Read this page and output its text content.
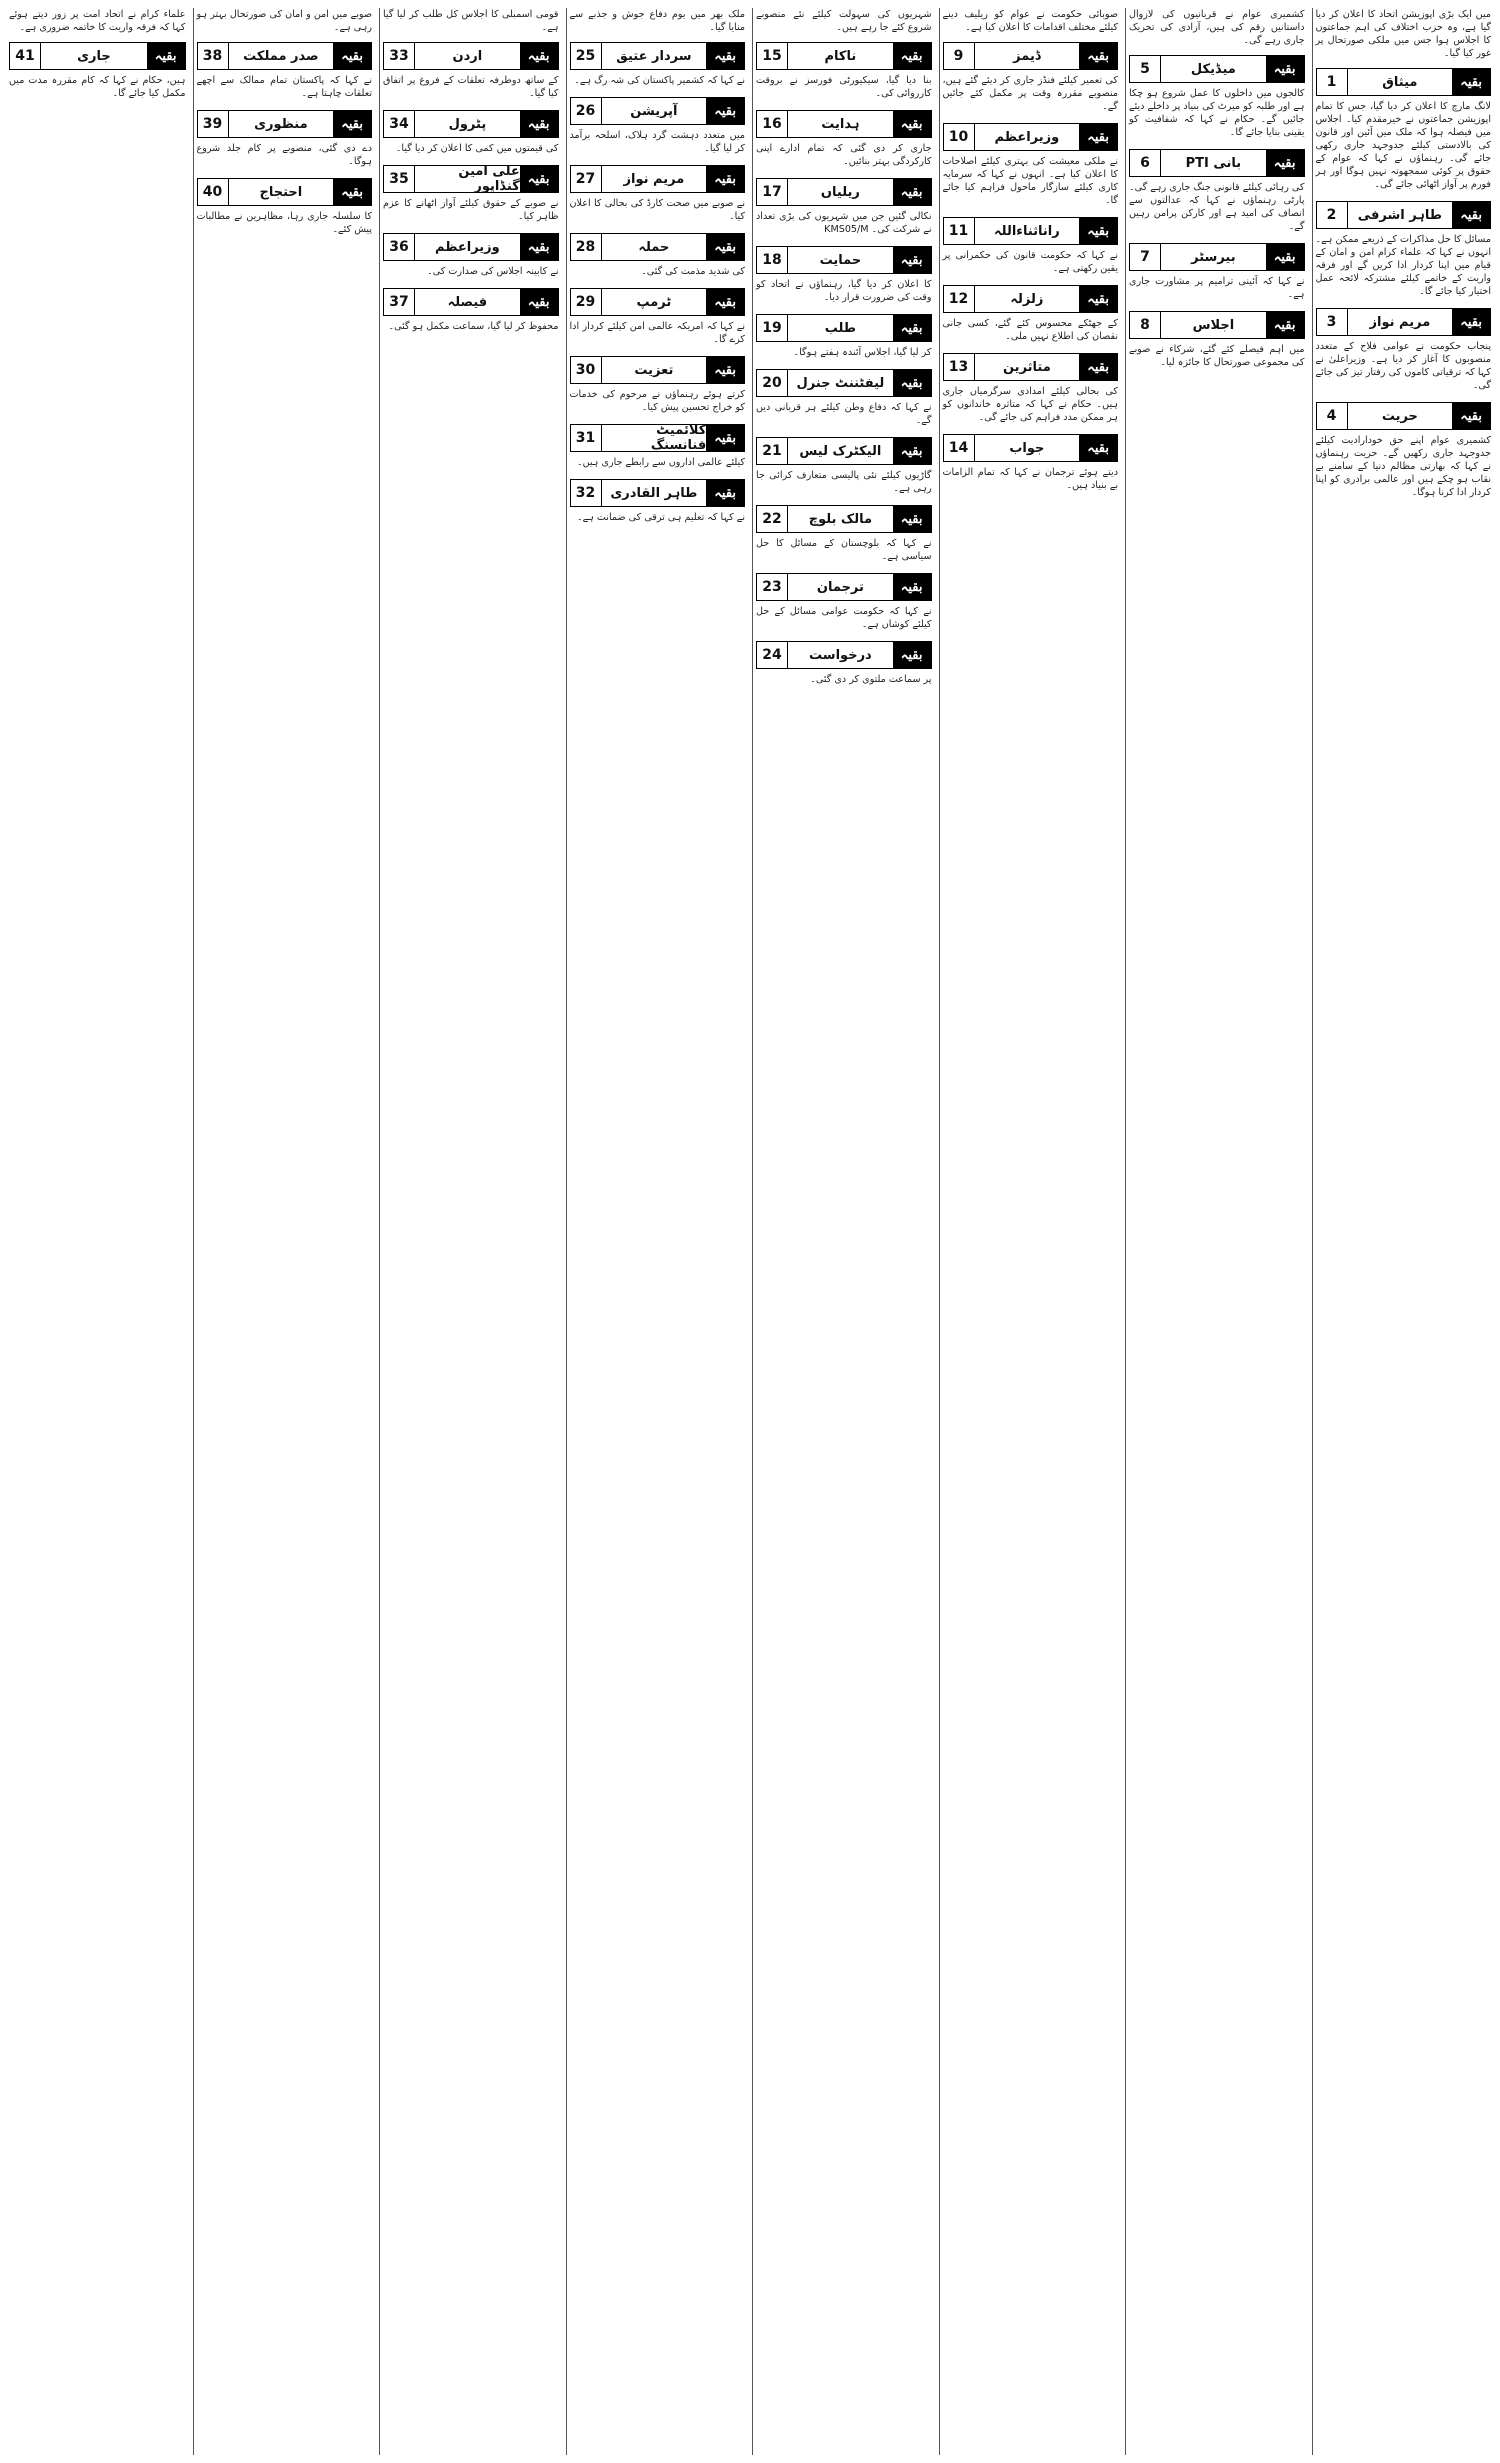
میں ایک بڑی اپوزیشن اتحاد کا اعلان کر دیا گیا ہے، وہ حزب اختلاف کی اہم جماعتوں کا اجلاس ہوا جس میں ملکی صورتحال پر غور کیا گیا۔
بقیہ
میثاق
1
لانگ مارچ کا اعلان کر دیا گیا، جس کا تمام اپوزیشن جماعتوں نے خیرمقدم کیا۔ اجلاس میں فیصلہ ہوا کہ ملک میں آئین اور قانون کی بالادستی کیلئے جدوجہد جاری رکھی جائے گی۔ رہنماؤں نے کہا کہ عوام کے حقوق پر کوئی سمجھوتہ نہیں ہوگا اور ہر فورم پر آواز اٹھائی جائے گی۔
بقیہ
طاہر اشرفی
2
مسائل کا حل مذاکرات کے ذریعے ممکن ہے۔ انہوں نے کہا کہ علماء کرام امن و امان کے قیام میں اپنا کردار ادا کریں گے اور فرقہ واریت کے خاتمے کیلئے مشترکہ لائحہ عمل اختیار کیا جائے گا۔
بقیہ
مریم نواز
3
پنجاب حکومت نے عوامی فلاح کے متعدد منصوبوں کا آغاز کر دیا ہے۔ وزیراعلیٰ نے کہا کہ ترقیاتی کاموں کی رفتار تیز کی جائے گی۔
بقیہ
حریت
4
کشمیری عوام اپنے حق خودارادیت کیلئے جدوجہد جاری رکھیں گے۔ حریت رہنماؤں نے کہا کہ بھارتی مظالم دنیا کے سامنے بے نقاب ہو چکے ہیں اور عالمی برادری کو اپنا کردار ادا کرنا ہوگا۔
کشمیری عوام نے قربانیوں کی لازوال داستانیں رقم کی ہیں، آزادی کی تحریک جاری رہے گی۔
بقیہ
میڈیکل
5
کالجوں میں داخلوں کا عمل شروع ہو چکا ہے اور طلبہ کو میرٹ کی بنیاد پر داخلے دیئے جائیں گے۔ حکام نے کہا کہ شفافیت کو یقینی بنایا جائے گا۔
بقیہ
بانی PTI
6
کی رہائی کیلئے قانونی جنگ جاری رہے گی۔ پارٹی رہنماؤں نے کہا کہ عدالتوں سے انصاف کی امید ہے اور کارکن پرامن رہیں گے۔
بقیہ
بیرسٹر
7
نے کہا کہ آئینی ترامیم پر مشاورت جاری ہے۔
بقیہ
اجلاس
8
میں اہم فیصلے کئے گئے، شرکاء نے صوبے کی مجموعی صورتحال کا جائزہ لیا۔
صوبائی حکومت نے عوام کو ریلیف دینے کیلئے مختلف اقدامات کا اعلان کیا ہے۔
بقیہ
ڈیمز
9
کی تعمیر کیلئے فنڈز جاری کر دیئے گئے ہیں، منصوبے مقررہ وقت پر مکمل کئے جائیں گے۔
بقیہ
وزیراعظم
10
نے ملکی معیشت کی بہتری کیلئے اصلاحات کا اعلان کیا ہے۔ انہوں نے کہا کہ سرمایہ کاری کیلئے سازگار ماحول فراہم کیا جائے گا۔
بقیہ
راناثناءاللہ
11
نے کہا کہ حکومت قانون کی حکمرانی پر یقین رکھتی ہے۔
بقیہ
زلزلہ
12
کے جھٹکے محسوس کئے گئے، کسی جانی نقصان کی اطلاع نہیں ملی۔
بقیہ
متاثرین
13
کی بحالی کیلئے امدادی سرگرمیاں جاری ہیں۔ حکام نے کہا کہ متاثرہ خاندانوں کو ہر ممکن مدد فراہم کی جائے گی۔
بقیہ
جواب
14
دیتے ہوئے ترجمان نے کہا کہ تمام الزامات بے بنیاد ہیں۔
شہریوں کی سہولت کیلئے نئے منصوبے شروع کئے جا رہے ہیں۔
بقیہ
ناکام
15
بنا دیا گیا، سیکیورٹی فورسز نے بروقت کارروائی کی۔
بقیہ
ہدایت
16
جاری کر دی گئی کہ تمام ادارے اپنی کارکردگی بہتر بنائیں۔
بقیہ
ریلیاں
17
نکالی گئیں جن میں شہریوں کی بڑی تعداد نے شرکت کی۔ KMS05/M
بقیہ
حمایت
18
کا اعلان کر دیا گیا، رہنماؤں نے اتحاد کو وقت کی ضرورت قرار دیا۔
بقیہ
طلب
19
کر لیا گیا، اجلاس آئندہ ہفتے ہوگا۔
بقیہ
لیفٹننٹ جنرل
20
نے کہا کہ دفاع وطن کیلئے ہر قربانی دیں گے۔
بقیہ
الیکٹرک لیس
21
گاڑیوں کیلئے نئی پالیسی متعارف کرائی جا رہی ہے۔
بقیہ
مالک بلوچ
22
نے کہا کہ بلوچستان کے مسائل کا حل سیاسی ہے۔
بقیہ
ترجمان
23
نے کہا کہ حکومت عوامی مسائل کے حل کیلئے کوشاں ہے۔
بقیہ
درخواست
24
پر سماعت ملتوی کر دی گئی۔
ملک بھر میں یوم دفاع جوش و جذبے سے منایا گیا۔
بقیہ
سردار عتیق
25
نے کہا کہ کشمیر پاکستان کی شہ رگ ہے۔
بقیہ
آپریشن
26
میں متعدد دہشت گرد ہلاک، اسلحہ برآمد کر لیا گیا۔
بقیہ
مریم نواز
27
نے صوبے میں صحت کارڈ کی بحالی کا اعلان کیا۔
بقیہ
حملہ
28
کی شدید مذمت کی گئی۔
بقیہ
ٹرمپ
29
نے کہا کہ امریکہ عالمی امن کیلئے کردار ادا کرے گا۔
بقیہ
تعزیت
30
کرتے ہوئے رہنماؤں نے مرحوم کی خدمات کو خراج تحسین پیش کیا۔
بقیہ
کلائمیٹ فنانسنگ
31
کیلئے عالمی اداروں سے رابطے جاری ہیں۔
بقیہ
طاہر القادری
32
نے کہا کہ تعلیم ہی ترقی کی ضمانت ہے۔
قومی اسمبلی کا اجلاس کل طلب کر لیا گیا ہے۔
بقیہ
اردن
33
کے ساتھ دوطرفہ تعلقات کے فروغ پر اتفاق کیا گیا۔
بقیہ
پٹرول
34
کی قیمتوں میں کمی کا اعلان کر دیا گیا۔
بقیہ
علی امین گنڈاپور
35
نے صوبے کے حقوق کیلئے آواز اٹھانے کا عزم ظاہر کیا۔
بقیہ
وزیراعظم
36
نے کابینہ اجلاس کی صدارت کی۔
بقیہ
فیصلہ
37
محفوظ کر لیا گیا، سماعت مکمل ہو گئی۔
صوبے میں امن و امان کی صورتحال بہتر ہو رہی ہے۔
بقیہ
صدر مملکت
38
نے کہا کہ پاکستان تمام ممالک سے اچھے تعلقات چاہتا ہے۔
بقیہ
منظوری
39
دے دی گئی، منصوبے پر کام جلد شروع ہوگا۔
بقیہ
احتجاج
40
کا سلسلہ جاری رہا، مظاہرین نے مطالبات پیش کئے۔
علماء کرام نے اتحاد امت پر زور دیتے ہوئے کہا کہ فرقہ واریت کا خاتمہ ضروری ہے۔
بقیہ
جاری
41
ہیں، حکام نے کہا کہ کام مقررہ مدت میں مکمل کیا جائے گا۔
